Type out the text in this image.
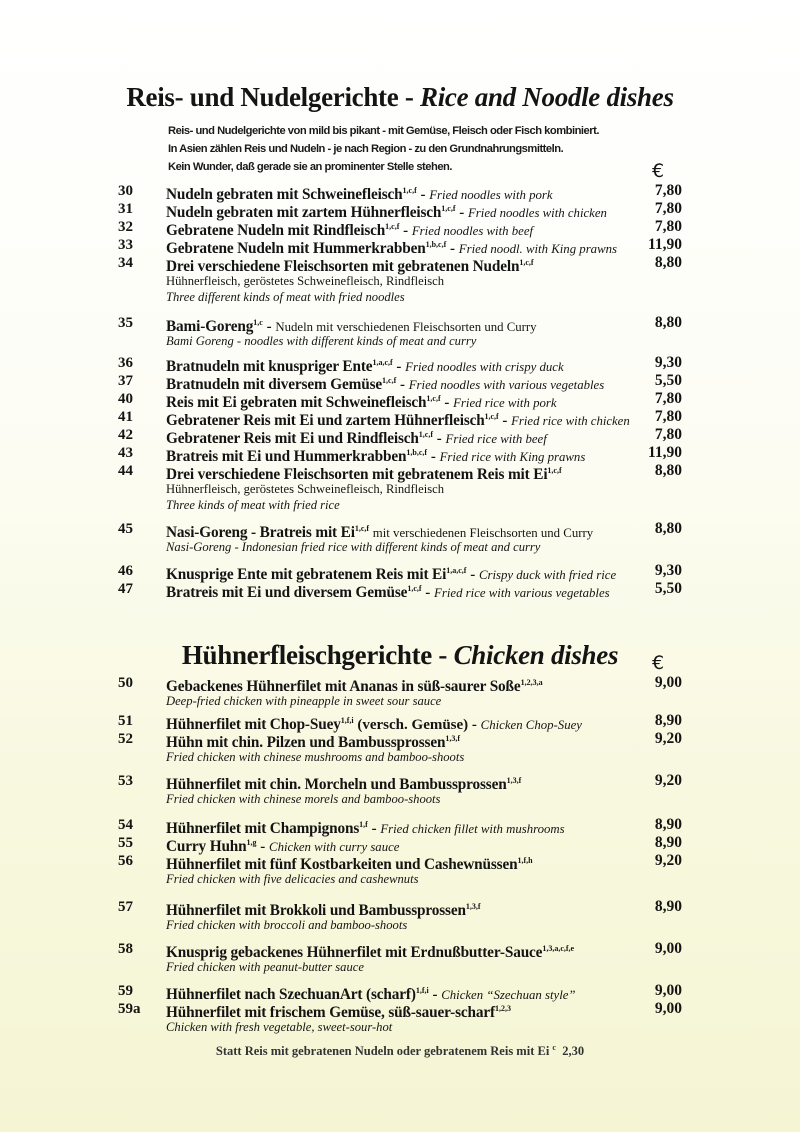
Reis- und Nudelgerichte - Rice and Noodle dishes
Reis- und Nudelgerichte von mild bis pikant - mit Gemüse, Fleisch oder Fisch kombiniert.
In Asien zählen Reis und Nudeln - je nach Region - zu den Grundnahrungsmitteln.
Kein Wunder, daß gerade sie an prominenter Stelle stehen.	€
30 Nudeln gebraten mit Schweinefleisch$^{1,c,f}$ - Fried noodles with pork	7,80
31 Nudeln gebraten mit zartem Hühnerfleisch$^{1,c,f}$ - Fried noodles with chicken	7,80
32 Gebratene Nudeln mit Rindfleisch$^{1,c,f}$ - Fried noodles with beef	7,80
33 Gebratene Nudeln mit Hummerkrabben$^{1,b,c,f}$ - Fried noodl. with King prawns 11,90
34 Drei verschiedene Fleischsorten mit gebratenen Nudeln$^{1,c,f}$	8,80
Hühnerfleisch, geröstetes Schweinefleisch, Rindfleisch
Three different kinds of meat with fried noodles
35 Bami-Goreng$^{1,c}$ - Nudeln mit verschiedenen Fleischsorten und Curry	8,80
Bami Goreng - noodles with different kinds of meat and curry
36 Bratnudeln mit knuspriger Ente$^{1,a,c,f}$ - Fried noodles with crispy duck	9,30
37 Bratnudeln mit diversem Gemüse$^{1,c,f}$ - Fried noodles with various vegetables	5,50
40 Reis mit Ei gebraten mit Schweinefleisch$^{1,c,f}$ - Fried rice with pork	7,80
41 Gebratener Reis mit Ei und zartem Hühnerfleisch$^{1,c,f}$ - Fried rice with chicken 7,80
42 Gebratener Reis mit Ei und Rindfleisch$^{1,c,f}$ - Fried rice with beef	7,80
43 Bratreis mit Ei und Hummerkrabben$^{1,b,c,f}$ - Fried rice with King prawns	11,90
44 Drei verschiedene Fleischsorten mit gebratenem Reis mit Ei$^{1,c,f}$	8,80
Hühnerfleisch, geröstetes Schweinefleisch, Rindfleisch
Three kinds of meat with fried rice
45 Nasi-Goreng - Bratreis mit Ei$^{1,c,f}$ mit verschiedenen Fleischsorten und Curry	8,80
Nasi-Goreng - Indonesian fried rice with different kinds of meat and curry
46 Knusprige Ente mit gebratenem Reis mit Ei$^{1,a,c,f}$ - Crispy duck with fried rice 9,30
47 Bratreis mit Ei und diversem Gemüse$^{1,c,f}$ - Fried rice with various vegetables	5,50
Hühnerfleischgerichte - Chicken dishes	€
50 Gebackenes Hühnerfilet mit Ananas in süß-saurer Soße$^{1,2,3,a}$	9,00
Deep-fried chicken with pineapple in sweet sour sauce
51 Hühnerfilet mit Chop-Suey$^{1,f,i}$ (versch. Gemüse) - Chicken Chop-Suey	8,90
52 Hühn mit chin. Pilzen und Bambussprossen$^{1,3,f}$	9,20
Fried chicken with chinese mushrooms and bamboo-shoots
53 Hühnerfilet mit chin. Morcheln und Bambussprossen$^{1,3,f}$	9,20
Fried chicken with chinese morels and bamboo-shoots
54 Hühnerfilet mit Champignons$^{1,f}$ - Fried chicken fillet with mushrooms	8,90
55 Curry Huhn$^{1,g}$ - Chicken with curry sauce	8,90
56 Hühnerfilet mit fünf Kostbarkeiten und Cashewnüssen$^{1,f,h}$	9,20
Fried chicken with five delicacies and cashewnuts
57 Hühnerfilet mit Brokkoli und Bambussprossen$^{1,3,f}$	8,90
Fried chicken with broccoli and bamboo-shoots
58 Knusprig gebackenes Hühnerfilet mit Erdnußbutter-Sauce$^{1,3,a,c,f,e}$	9,00
Fried chicken with peanut-butter sauce
59 Hühnerfilet nach SzechuanArt (scharf)$^{1,f,i}$ - Chicken “Szechuan style”	9,00
59a Hühnerfilet mit frischem Gemüse, süß-sauer-scharf$^{1,2,3}$	9,00
Chicken with fresh vegetable, sweet-sour-hot
Statt Reis mit gebratenen Nudeln oder gebratenem Reis mit Ei $^c$ 2,30
